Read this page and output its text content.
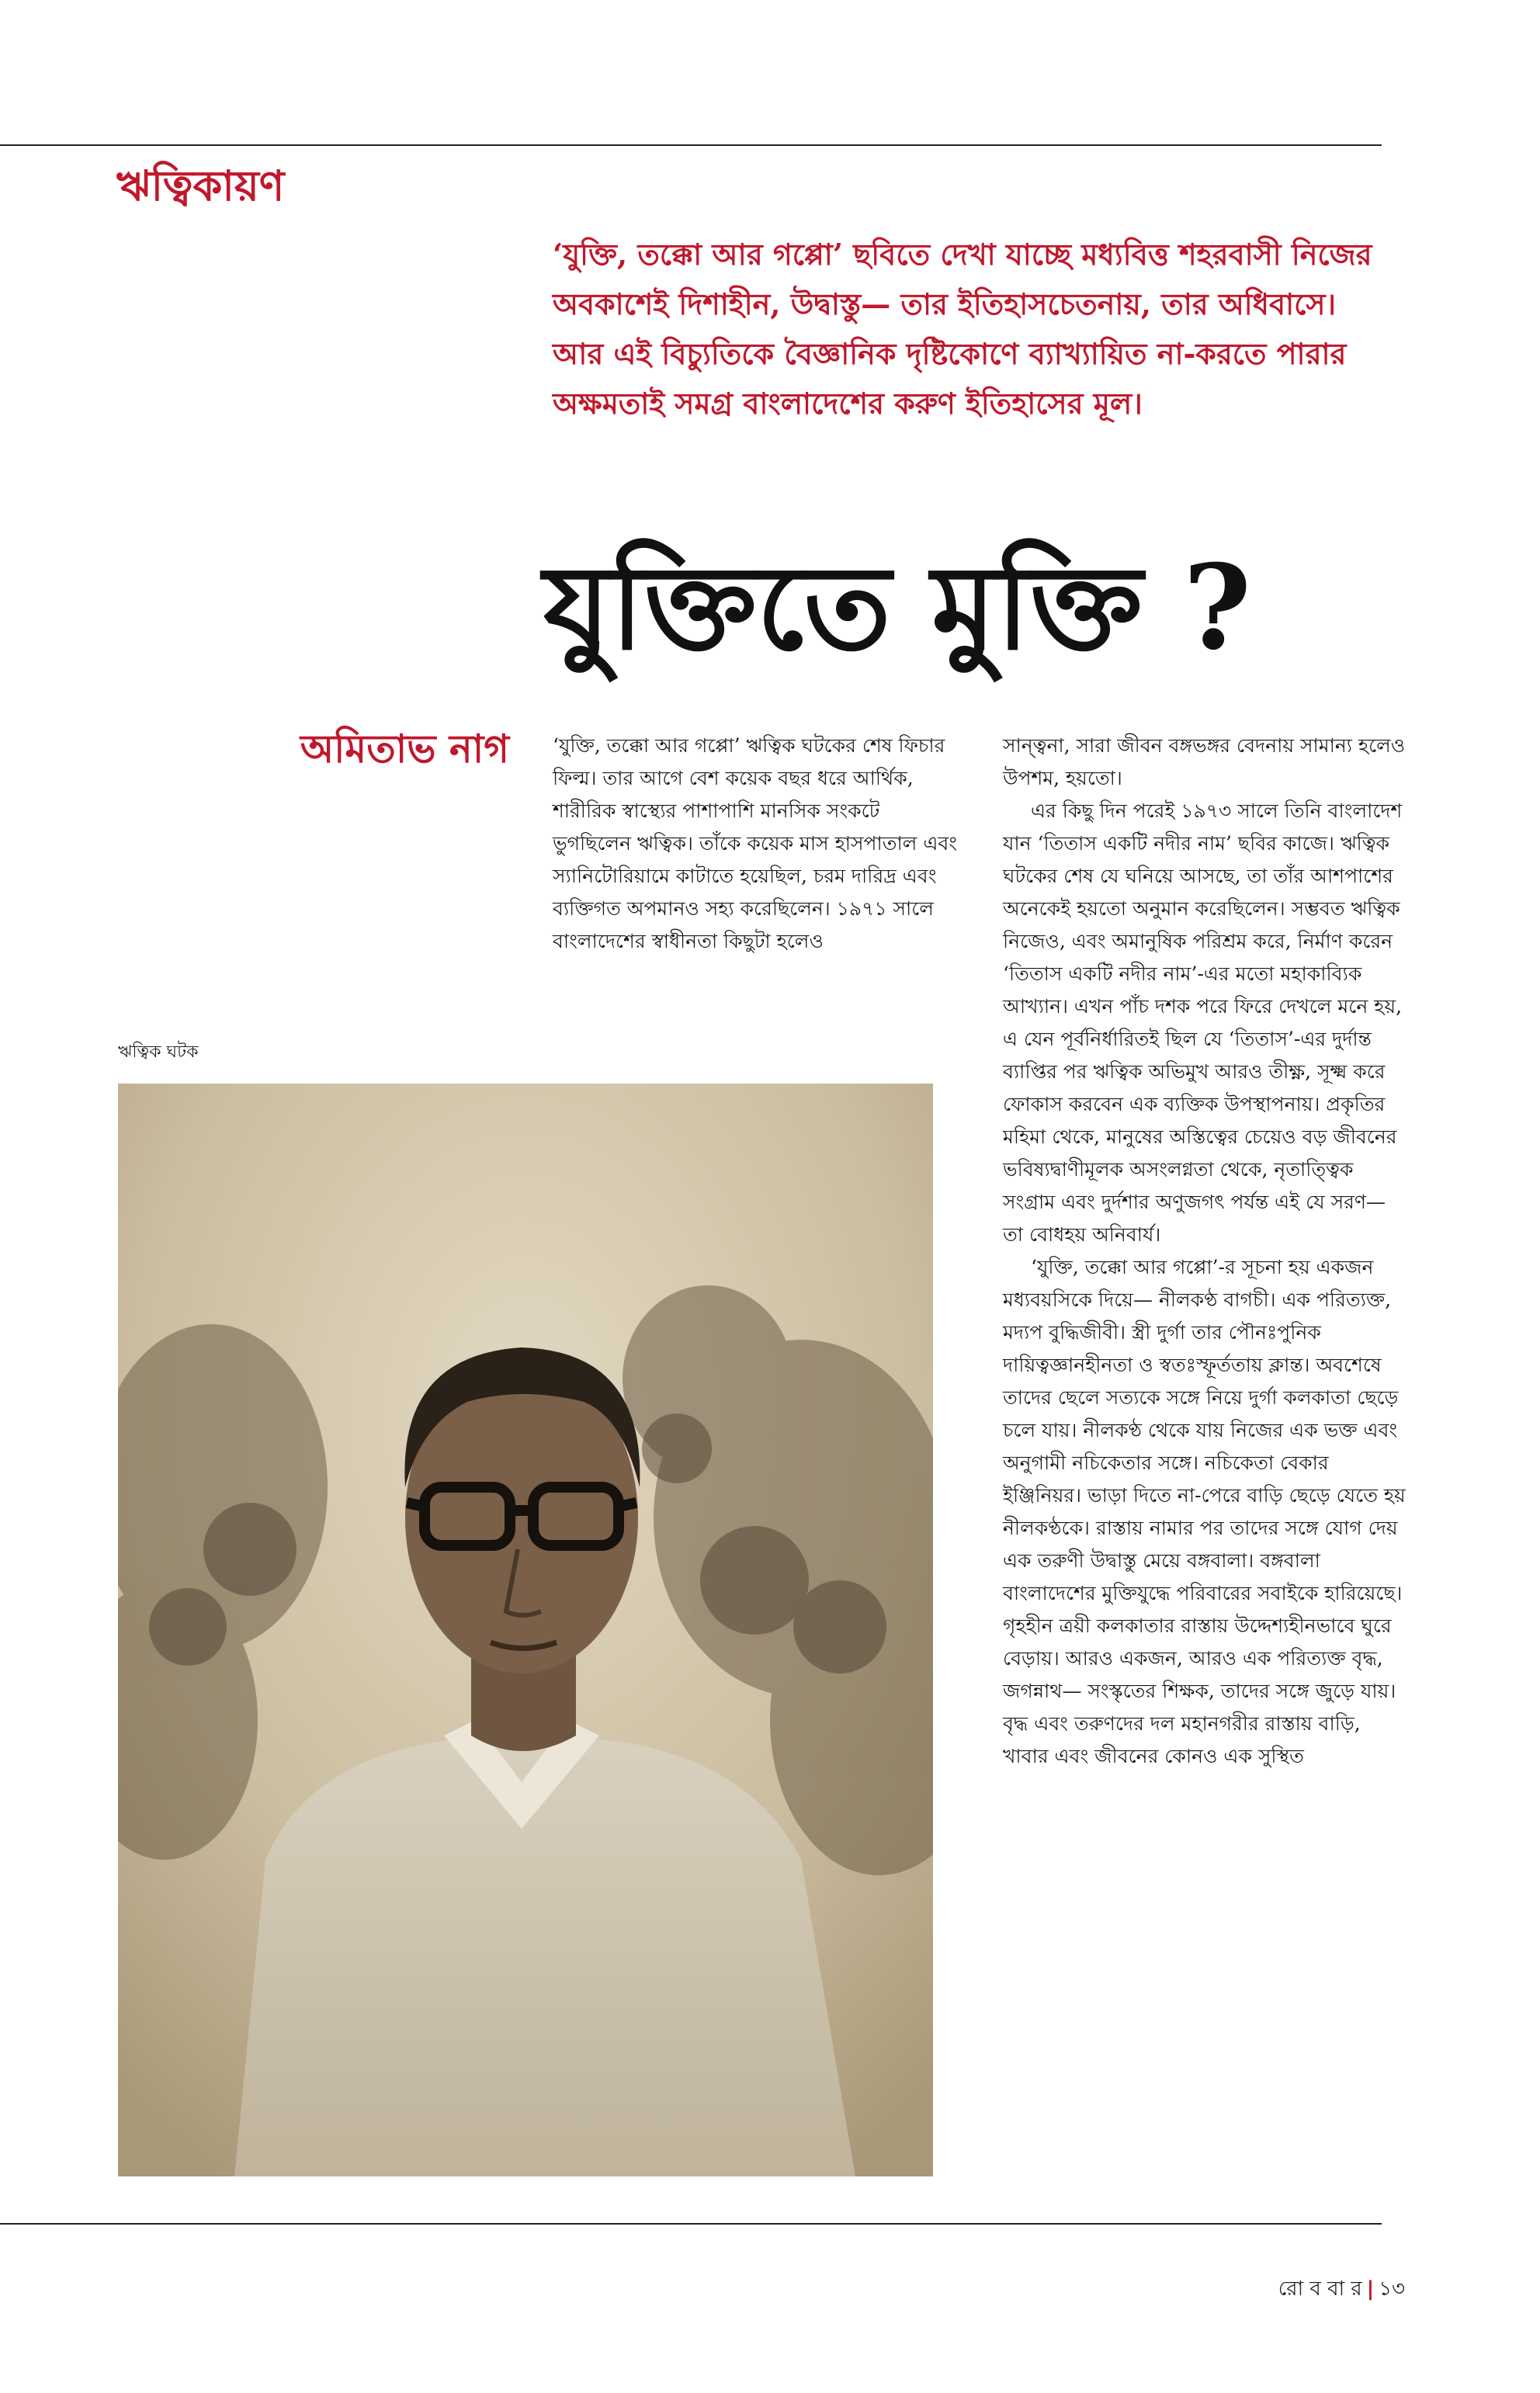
ঋত্বিকায়ণ

‘যুক্তি, তক্কো আর গপ্পো’ ছবিতে দেখা যাচ্ছে মধ্যবিত্ত শহরবাসী নিজের অবকাশেই দিশাহীন, উদ্বাস্তু— তার ইতিহাসচেতনায়, তার অধিবাসে। আর এই বিচ্যুতিকে বৈজ্ঞানিক দৃষ্টিকোণে ব্যাখ্যায়িত না-করতে পারার অক্ষমতাই সমগ্র বাংলাদেশের করুণ ইতিহাসের মূল।

যুক্তিতে মুক্তি ?
অমিতাভ নাগ ‘যুক্তি, তক্কো আর গপ্পো’ ঋত্বিক ঘটকের শেষ ফিচার ফিল্ম। তার আগে বেশ কয়েক বছর ধরে আর্থিক, শারীরিক স্বাস্থ্যের পাশাপাশি মানসিক সংকটে ভুগছিলেন ঋত্বিক। তাঁকে কয়েক মাস হাসপাতাল এবং স্যানিটোরিয়ামে কাটাতে হয়েছিল, চরম দারিদ্র এবং ব্যক্তিগত অপমানও সহ্য করেছিলেন। ১৯৭১ সালে বাংলাদেশের স্বাধীনতা কিছুটা হলেও

সান্ত্বনা, সারা জীবন বঙ্গভঙ্গর বেদনায় সামান্য হলেও উপশম, হয়তো।

এর কিছু দিন পরেই ১৯৭৩ সালে তিনি বাংলাদেশ যান ‘তিতাস একটি নদীর নাম’ ছবির কাজে। ঋত্বিক ঘটকের শেষ যে ঘনিয়ে আসছে, তা তাঁর আশপাশের অনেকেই হয়তো অনুমান করেছিলেন। সম্ভবত ঋত্বিক নিজেও, এবং অমানুষিক পরিশ্রম করে, নির্মাণ করেন ‘তিতাস একটি নদীর নাম’-এর মতো মহাকাব্যিক আখ্যান। এখন পাঁচ দশক পরে ফিরে দেখলে মনে হয়, এ যেন পূর্বনির্ধারিতই ছিল যে ‘তিতাস’-এর দুর্দান্ত ব্যাপ্তির পর ঋত্বিক অভিমুখ আরও তীক্ষ্ণ, সূক্ষ্ম করে ফোকাস করবেন এক ব্যক্তিক উপস্থাপনায়। প্রকৃতির মহিমা থেকে, মানুষের অস্তিত্বের চেয়েও বড় জীবনের ভবিষ্যদ্বাণীমূলক অসংলগ্নতা থেকে, নৃতাত্ত্বিক সংগ্রাম এবং দুর্দশার অণুজগৎ পর্যন্ত এই যে সরণ— তা বোধহয় অনিবার্য।

‘যুক্তি, তক্কো আর গপ্পো’-র সূচনা হয় একজন মধ্যবয়সিকে দিয়ে— নীলকণ্ঠ বাগচী। এক পরিত্যক্ত, মদ্যপ বুদ্ধিজীবী। স্ত্রী দুর্গা তার পৌনঃপুনিক দায়িত্বজ্ঞানহীনতা ও স্বতঃস্ফূর্ততায় ক্লান্ত। অবশেষে তাদের ছেলে সত্যকে সঙ্গে নিয়ে দুর্গা কলকাতা ছেড়ে চলে যায়। নীলকণ্ঠ থেকে যায় নিজের এক ভক্ত এবং অনুগামী নচিকেতার সঙ্গে। নচিকেতা বেকার ইঞ্জিনিয়র। ভাড়া দিতে না-পেরে বাড়ি ছেড়ে যেতে হয় নীলকণ্ঠকে। রাস্তায় নামার পর তাদের সঙ্গে যোগ দেয় এক তরুণী উদ্বাস্তু মেয়ে বঙ্গবালা। বঙ্গবালা বাংলাদেশের মুক্তিযুদ্ধে পরিবারের সবাইকে হারিয়েছে। গৃহহীন ত্রয়ী কলকাতার রাস্তায় উদ্দেশ্যহীনভাবে ঘুরে বেড়ায়। আরও একজন, আরও এক পরিত্যক্ত বৃদ্ধ, জগন্নাথ— সংস্কৃতের শিক্ষক, তাদের সঙ্গে জুড়ে যায়। বৃদ্ধ এবং তরুণদের দল মহানগরীর রাস্তায় বাড়ি, খাবার এবং জীবনের কোনও এক সুস্থিত

ঋত্বিক ঘটক
রো ব বা র | ১৩
